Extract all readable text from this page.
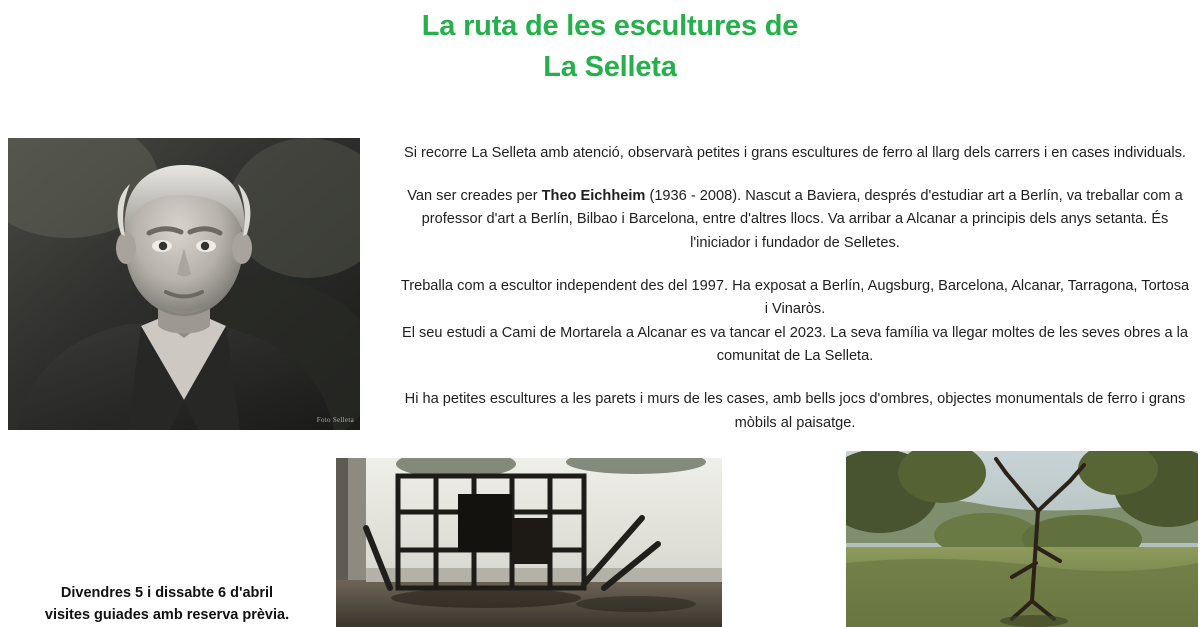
La ruta de les escultures de
La Selleta
Foto Selleta

Si recorre La Selleta amb atenció, observarà petites i grans escultures de ferro al llarg dels carrers i en cases individuals.

Van ser creades per Theo Eichheim (1936 - 2008). Nascut a Baviera, després d'estudiar art a Berlín, va treballar com a professor d'art a Berlín, Bilbao i Barcelona, entre d'altres llocs. Va arribar a Alcanar a principis dels anys setanta. És l'iniciador i fundador de Selletes.

Treballa com a escultor independent des del 1997. Ha exposat a Berlín, Augsburg, Barcelona, Alcanar, Tarragona, Tortosa i Vinaròs.

El seu estudi a Cami de Mortarela a Alcanar es va tancar el 2023. La seva família va llegar moltes de les seves obres a la comunitat de La Selleta.

Hi ha petites escultures a les parets i murs de les cases, amb bells jocs d'ombres, objectes monumentals de ferro i grans mòbils al paisatge.

Divendres 5 i dissabte 6 d'abril
visites guiades amb reserva prèvia.
